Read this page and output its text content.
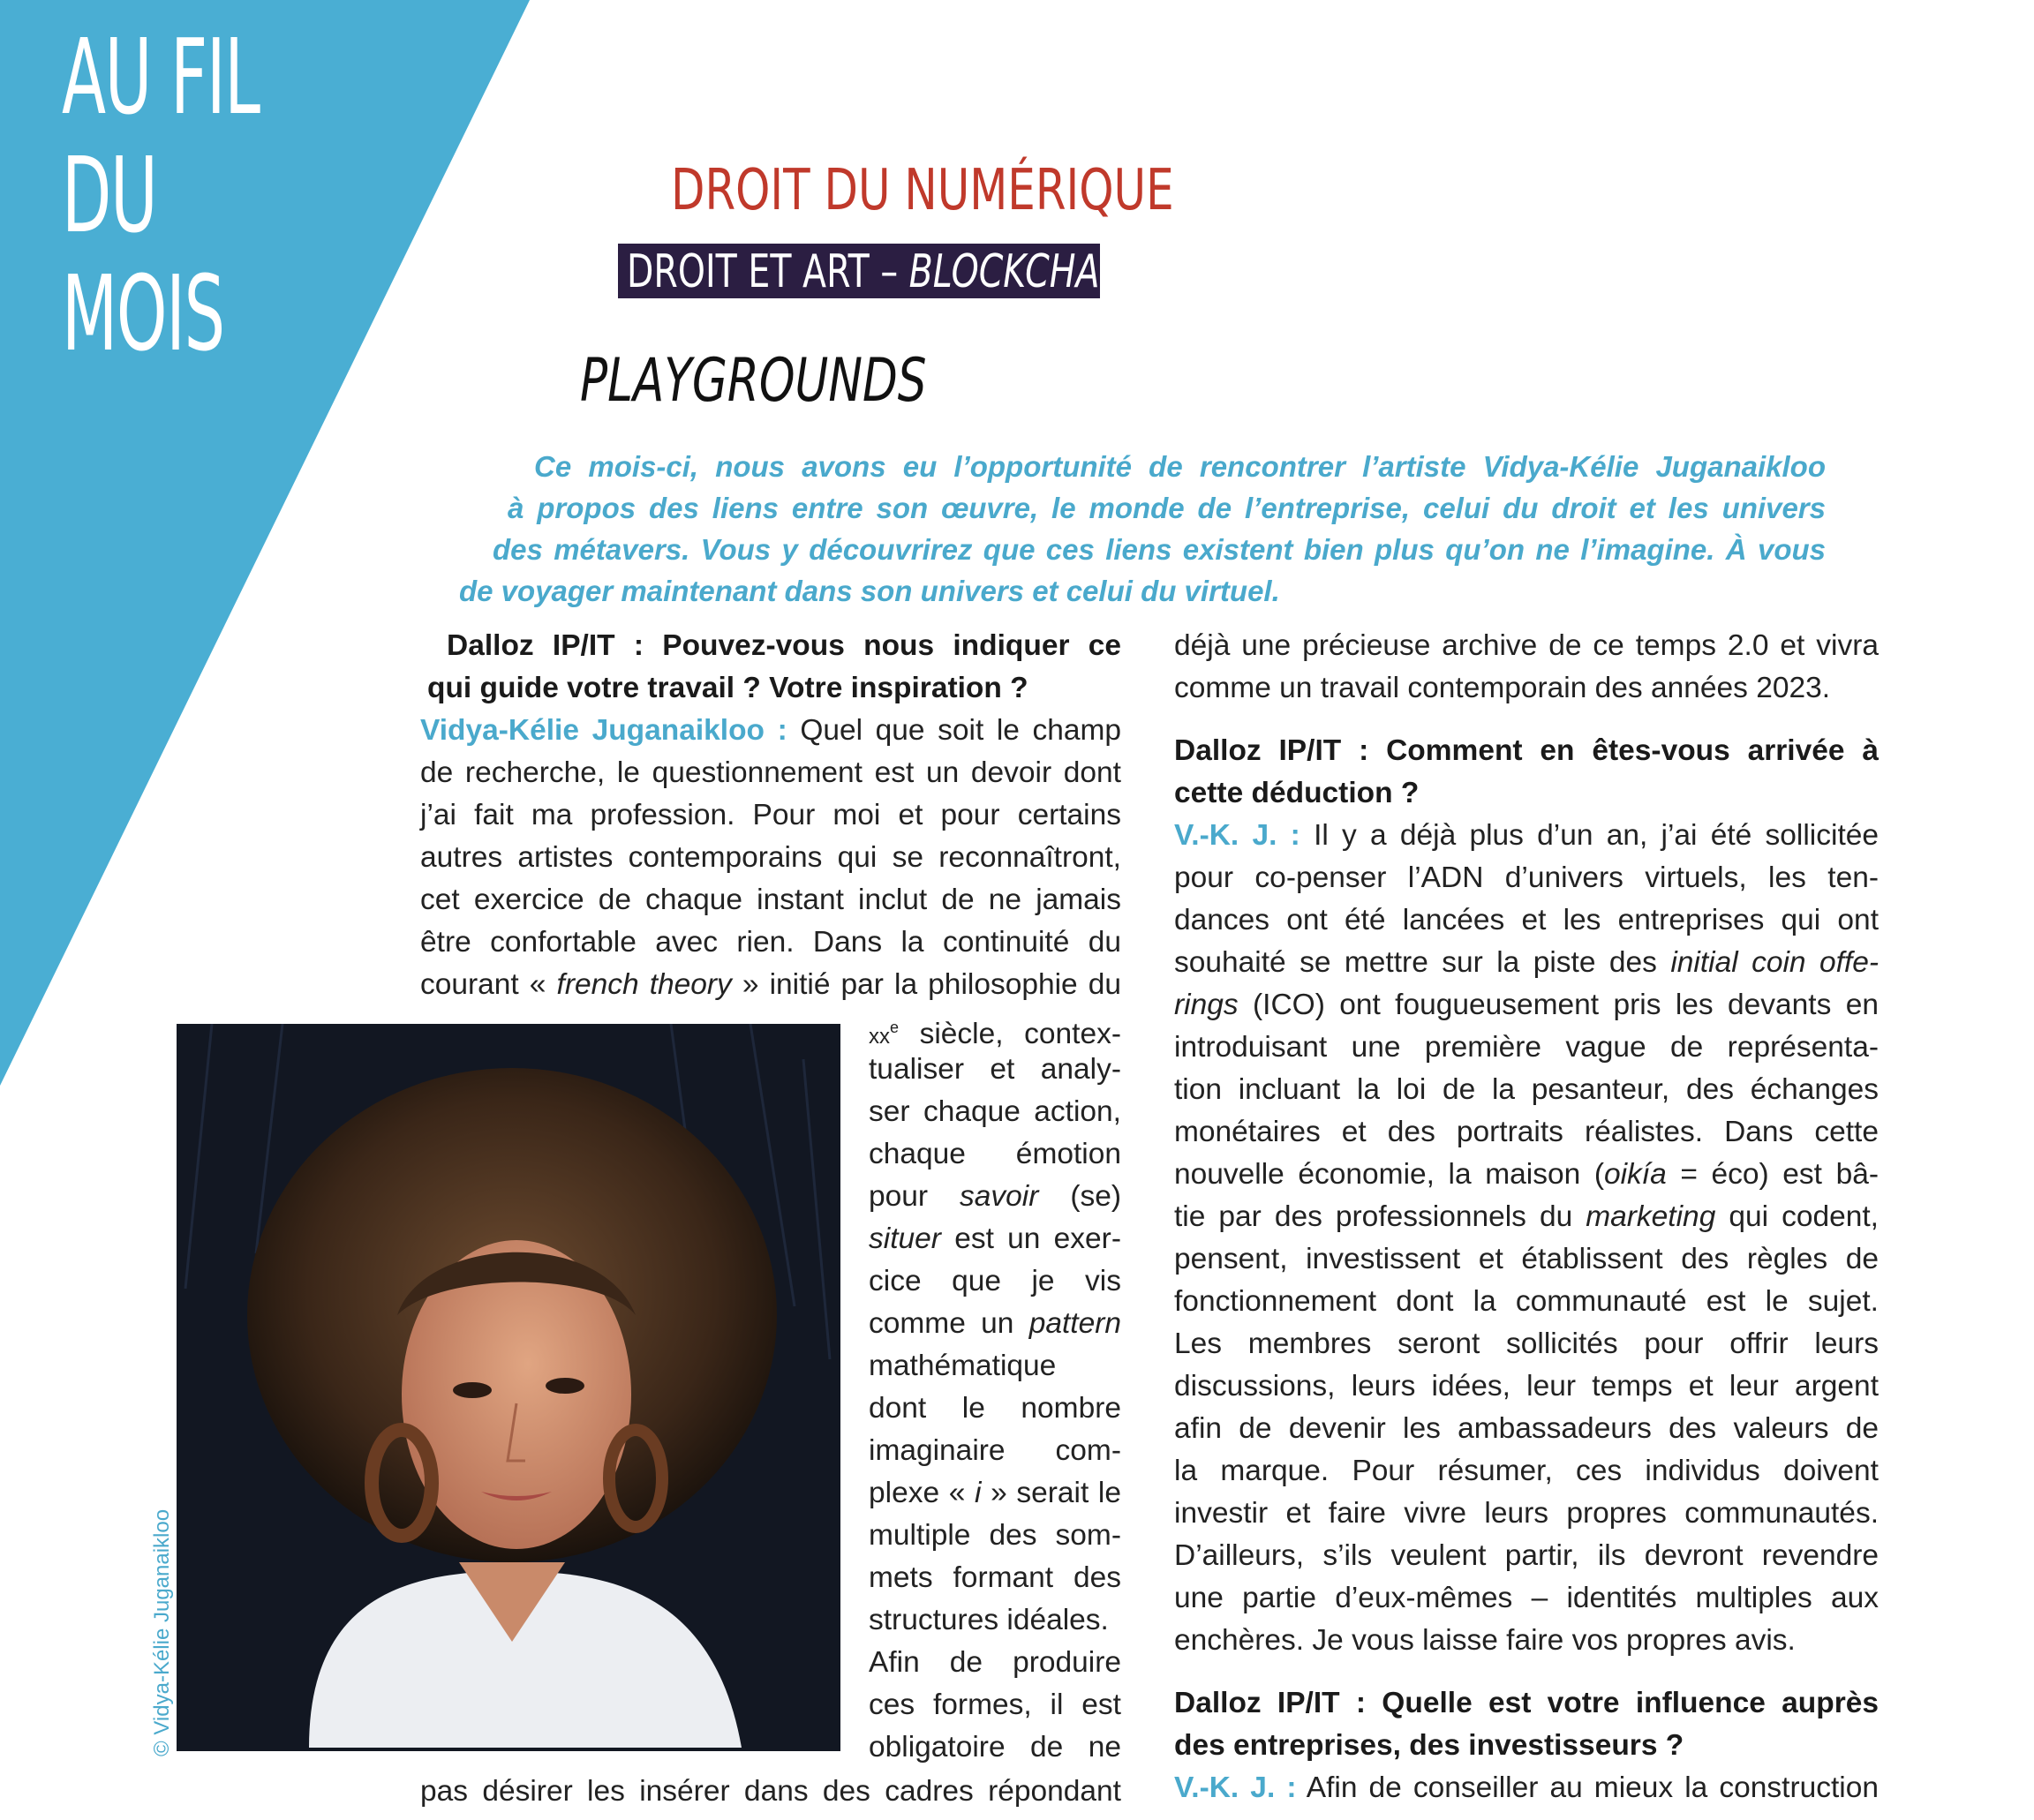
AU FIL
DU MOIS
DROIT DU NUMÉRIQUE
DROIT ET ART – BLOCKCHAIN
PLAYGROUNDS
Ce mois-ci, nous avons eu l’opportunité de rencontrer l’artiste Vidya-Kélie Juganaikloo
à propos des liens entre son œuvre, le monde de l’entreprise, celui du droit et les univers
des métavers. Vous y découvrirez que ces liens existent bien plus qu’on ne l’imagine. À vous
de voyager maintenant dans son univers et celui du virtuel.
Dalloz IP/IT : Pouvez-vous nous indiquer ce
qui guide votre travail ? Votre inspiration ?
Vidya-Kélie Juganaikloo : Quel que soit le champ
de recherche, le questionnement est un devoir dont
j’ai fait ma profession. Pour moi et pour certains
autres artistes contemporains qui se reconnaîtront,
cet exercice de chaque instant inclut de ne jamais
être confortable avec rien. Dans la continuité du
courant « french theory » initié par la philosophie du
$xx^e$ siècle, contex-
tualiser et analy-
ser chaque action,
chaque émotion
pour savoir (se)
situer est un exer-
cice que je vis
comme un pattern
mathématique
dont le nombre
imaginaire com-
plexe « i » serait le
multiple des som-
mets formant des
structures idéales.
Afin de produire
ces formes, il est
obligatoire de ne
pas désirer les insérer dans des cadres répondant
© Vidya-Kélie Juganaikloo
déjà une précieuse archive de ce temps 2.0 et vivra
comme un travail contemporain des années 2023.
Dalloz IP/IT : Comment en êtes-vous arrivée à
cette déduction ?
V.-K. J. : Il y a déjà plus d’un an, j’ai été sollicitée
pour co-penser l’ADN d’univers virtuels, les ten-
dances ont été lancées et les entreprises qui ont
souhaité se mettre sur la piste des initial coin offe-
rings (ICO) ont fougueusement pris les devants en
introduisant une première vague de représenta-
tion incluant la loi de la pesanteur, des échanges
monétaires et des portraits réalistes. Dans cette
nouvelle économie, la maison (oikía = éco) est bâ-
tie par des professionnels du marketing qui codent,
pensent, investissent et établissent des règles de
fonctionnement dont la communauté est le sujet.
Les membres seront sollicités pour offrir leurs
discussions, leurs idées, leur temps et leur argent
afin de devenir les ambassadeurs des valeurs de
la marque. Pour résumer, ces individus doivent
investir et faire vivre leurs propres communautés.
D’ailleurs, s’ils veulent partir, ils devront revendre
une partie d’eux-mêmes – identités multiples aux
enchères. Je vous laisse faire vos propres avis.
Dalloz IP/IT : Quelle est votre influence auprès
des entreprises, des investisseurs ?
V.-K. J. : Afin de conseiller au mieux la construction
